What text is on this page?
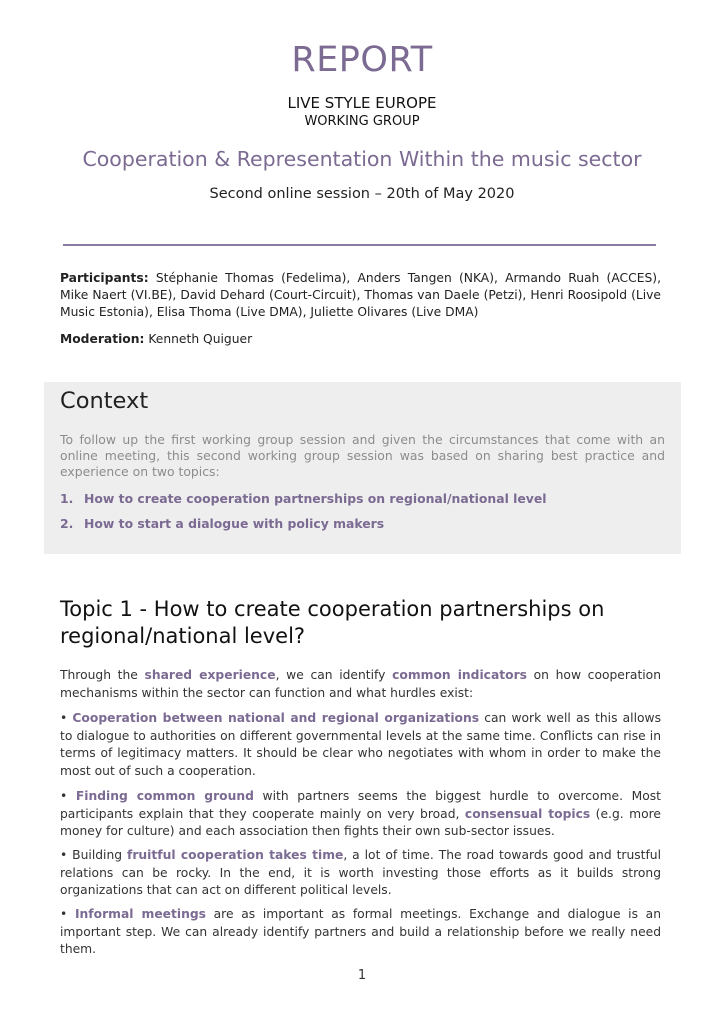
REPORT
LIVE STYLE EUROPE
WORKING GROUP
Cooperation & Representation Within the music sector
Second online session – 20th of May 2020
Participants: Stéphanie Thomas (Fedelima), Anders Tangen (NKA), Armando Ruah (ACCES), Mike Naert (VI.BE), David Dehard (Court-Circuit), Thomas van Daele (Petzi), Henri Roosipold (Live Music Estonia), Elisa Thoma (Live DMA), Juliette Olivares (Live DMA)
Moderation: Kenneth Quiguer
Context
To follow up the first working group session and given the circumstances that come with an online meeting, this second working group session was based on sharing best practice and experience on two topics:
1. How to create cooperation partnerships on regional/national level
2. How to start a dialogue with policy makers
Topic 1 - How to create cooperation partnerships on regional/national level?
Through the shared experience, we can identify common indicators on how cooperation mechanisms within the sector can function and what hurdles exist:
• Cooperation between national and regional organizations can work well as this allows to dialogue to authorities on different governmental levels at the same time. Conflicts can rise in terms of legitimacy matters. It should be clear who negotiates with whom in order to make the most out of such a cooperation.
• Finding common ground with partners seems the biggest hurdle to overcome. Most participants explain that they cooperate mainly on very broad, consensual topics (e.g. more money for culture) and each association then fights their own sub-sector issues.
• Building fruitful cooperation takes time, a lot of time. The road towards good and trustful relations can be rocky. In the end, it is worth investing those efforts as it builds strong organizations that can act on different political levels.
• Informal meetings are as important as formal meetings. Exchange and dialogue is an important step. We can already identify partners and build a relationship before we really need them.
1
